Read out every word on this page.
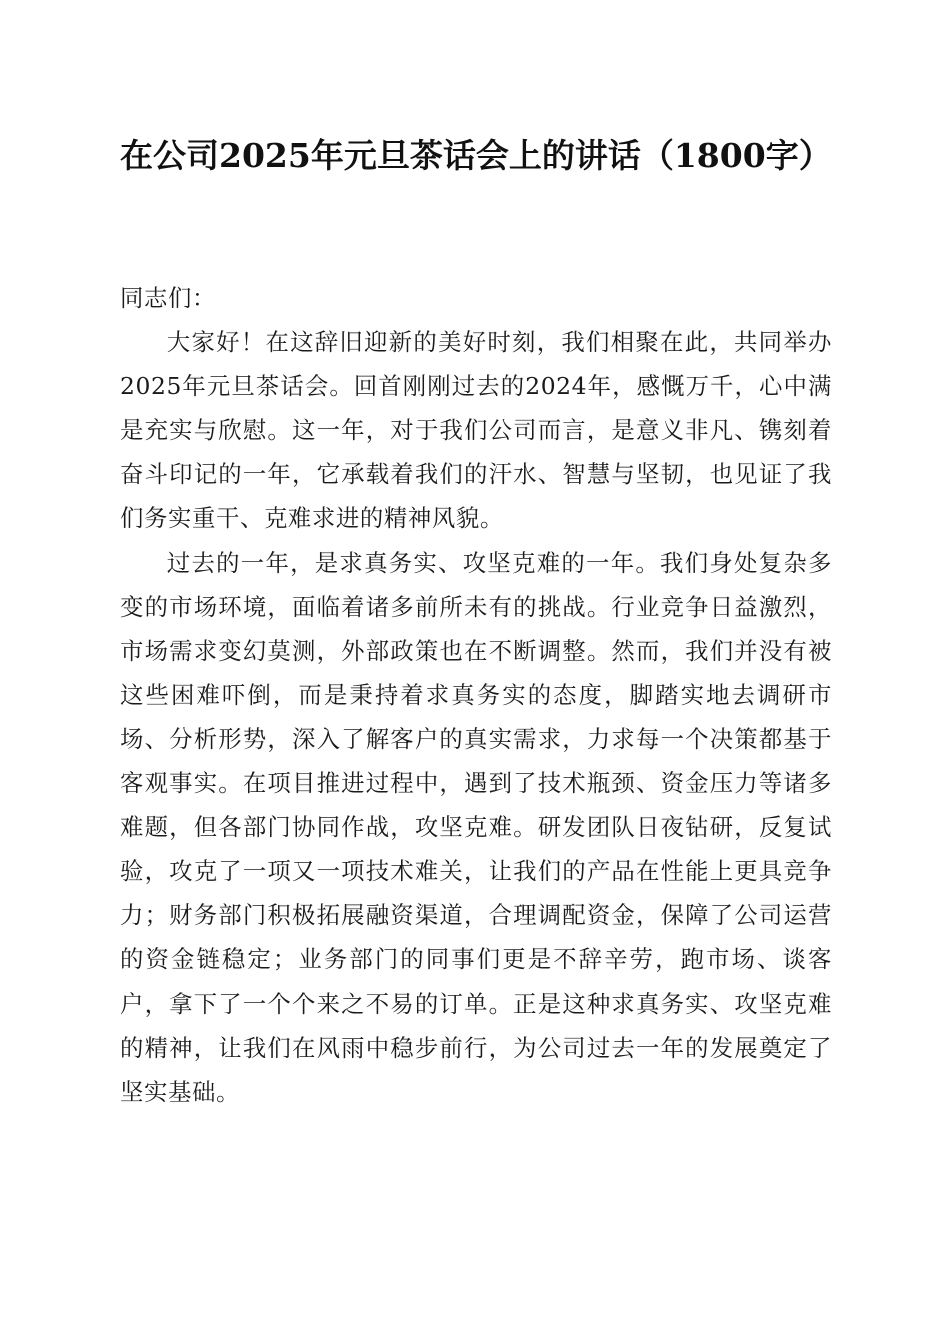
在公司2025年元旦茶话会上的讲话（1800字）

同志们：

大家好！在这辞旧迎新的美好时刻，我们相聚在此，共同举办2025年元旦茶话会。回首刚刚过去的2024年，感慨万千，心中满是充实与欣慰。这一年，对于我们公司而言，是意义非凡、镌刻着奋斗印记的一年，它承载着我们的汗水、智慧与坚韧，也见证了我们务实重干、克难求进的精神风貌。

过去的一年，是求真务实、攻坚克难的一年。我们身处复杂多变的市场环境，面临着诸多前所未有的挑战。行业竞争日益激烈，市场需求变幻莫测，外部政策也在不断调整。然而，我们并没有被这些困难吓倒，而是秉持着求真务实的态度，脚踏实地去调研市场、分析形势，深入了解客户的真实需求，力求每一个决策都基于客观事实。在项目推进过程中，遇到了技术瓶颈、资金压力等诸多难题，但各部门协同作战，攻坚克难。研发团队日夜钻研，反复试验，攻克了一项又一项技术难关，让我们的产品在性能上更具竞争力；财务部门积极拓展融资渠道，合理调配资金，保障了公司运营的资金链稳定；业务部门的同事们更是不辞辛劳，跑市场、谈客户，拿下了一个个来之不易的订单。正是这种求真务实、攻坚克难的精神，让我们在风雨中稳步前行，为公司过去一年的发展奠定了坚实基础。
